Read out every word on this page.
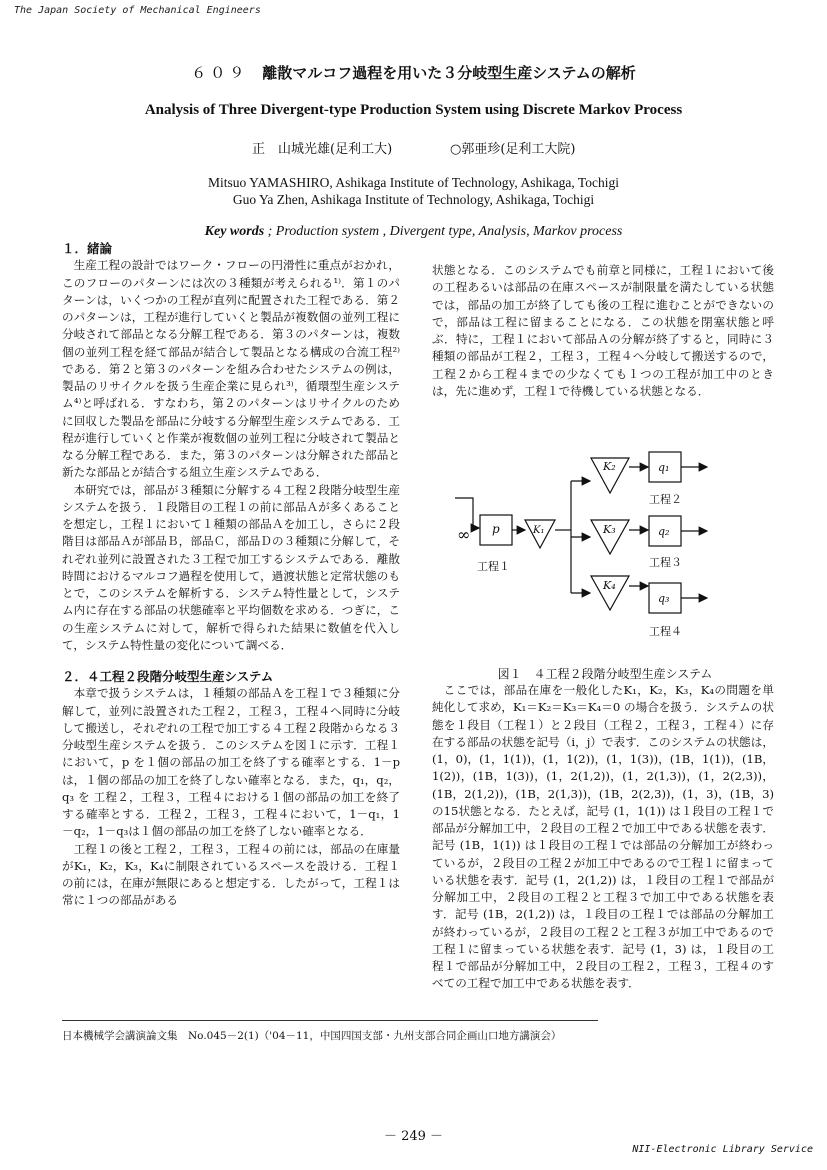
The Japan Society of Mechanical Engineers
６０９ 離散マルコフ過程を用いた３分岐型生産システムの解析
Analysis of Three Divergent-type Production System using Discrete Markov Process
正　山城光雄(足利工大)	○郭亜珍(足利工大院)
Mitsuo YAMASHIRO, Ashikaga Institute of Technology, Ashikaga, Tochigi
Guo Ya Zhen, Ashikaga Institute of Technology, Ashikaga, Tochigi
Key words ; Production system , Divergent type, Analysis, Markov process
１．緒論

生産工程の設計ではワーク・フローの円滑性に重点がおかれ，このフローのパターンには次の３種類が考えられる¹⁾．第１のパターンは，いくつかの工程が直列に配置された工程である．第２のパターンは，工程が進行していくと製品が複数個の並列工程に分岐されて部品となる分解工程である．第３のパターンは，複数個の並列工程を経て部品が結合して製品となる構成の合流工程²⁾である．第２と第３のパターンを組み合わせたシステムの例は，製品のリサイクルを扱う生産企業に見られ³⁾，循環型生産システム⁴⁾と呼ばれる．すなわち，第２のパターンはリサイクルのために回収した製品を部品に分岐する分解型生産システムである．工程が進行していくと作業が複数個の並列工程に分岐されて製品となる分解工程である．また，第３のパターンは分解された部品と新たな部品とが結合する組立生産システムである．

本研究では，部品が３種類に分解する４工程２段階分岐型生産システムを扱う．１段階目の工程１の前に部品Ａが多くあることを想定し，工程１において１種類の部品Ａを加工し，さらに２段階目は部品Ａが部品Ｂ，部品Ｃ，部品Ｄの３種類に分解して，それぞれ並列に設置された３工程で加工するシステムである．離散時間におけるマルコフ過程を使用して，過渡状態と定常状態のもとで，このシステムを解析する．システム特性量として，システム内に存在する部品の状態確率と平均個数を求める．つぎに，この生産システムに対して，解析で得られた結果に数値を代入して，システム特性量の変化について調べる．

２．４工程２段階分岐型生産システム

本章で扱うシステムは，１種類の部品Ａを工程１で３種類に分解して，並列に設置された工程２，工程３，工程４へ同時に分岐して搬送し，それぞれの工程で加工する４工程２段階からなる３分岐型生産システムを扱う．このシステムを図１に示す．工程１において，p を１個の部品の加工を終了する確率とする．1－pは，１個の部品の加工を終了しない確率となる．また，q₁，q₂，q₃ を 工程２，工程３，工程４における１個の部品の加工を終了する確率とする．工程２，工程３，工程４において，1－q₁，1－q₂，1－q₃は１個の部品の加工を終了しない確率となる．

工程１の後と工程２，工程３，工程４の前には，部品の在庫量がK₁，K₂，K₃，K₄に制限されているスペースを設ける．工程１の前には，在庫が無限にあると想定する．したがって，工程１は常に１つの部品がある

状態となる．このシステムでも前章と同様に，工程１において後の工程あるいは部品の在庫スペースが制限量を満たしている状態では，部品の加工が終了しても後の工程に進むことができないので，部品は工程に留まることになる．この状態を閉塞状態と呼ぶ．特に，工程１において部品Ａの分解が終了すると，同時に３種類の部品が工程２，工程３，工程４へ分岐して搬送するので，工程２から工程４までの少なくても１つの工程が加工中のときは，先に進めず，工程１で待機している状態となる．

∞ p	K₁
K₂
K₃
K₄
q₁
q₂
q₃
工程１
工程２
工程３
工程４
図１　４工程２段階分岐型生産システム

ここでは，部品在庫を一般化したK₁，K₂，K₃，K₄の問題を単純化して求め，K₁＝K₂＝K₃＝K₄＝0 の場合を扱う．システムの状態を１段目（工程１）と２段目（工程２，工程３，工程４）に存在する部品の状態を記号（i，j）で表す．このシステムの状態は，(1，0)，(1，1(1))，(1，1(2))，(1，1(3))，(1B，1(1))，(1B，1(2))，(1B，1(3))，(1，2(1,2))，(1，2(1,3))，(1，2(2,3))，(1B，2(1,2))，(1B，2(1,3))，(1B，2(2,3))，(1，3)，(1B，3) の15状態となる．たとえば，記号 (1，1(1)) は１段目の工程１で部品が分解加工中，２段目の工程２で加工中である状態を表す．記号 (1B，1(1)) は１段目の工程１では部品の分解加工が終わっているが，２段目の工程２が加工中であるので工程１に留まっている状態を表す．記号 (1，2(1,2)) は，１段目の工程１で部品が分解加工中，２段目の工程２と工程３で加工中である状態を表す．記号 (1B，2(1,2)) は，１段目の工程１では部品の分解加工が終わっているが，２段目の工程２と工程３が加工中であるので工程１に留まっている状態を表す．記号 (1，3) は，１段目の工程１で部品が分解加工中，２段目の工程２，工程３，工程４のすべての工程で加工中である状態を表す．

日本機械学会講演論文集　No.045－2(1)（'04－11，中国四国支部・九州支部合同企画山口地方講演会）
－ 249 －
NII-Electronic Library Service
